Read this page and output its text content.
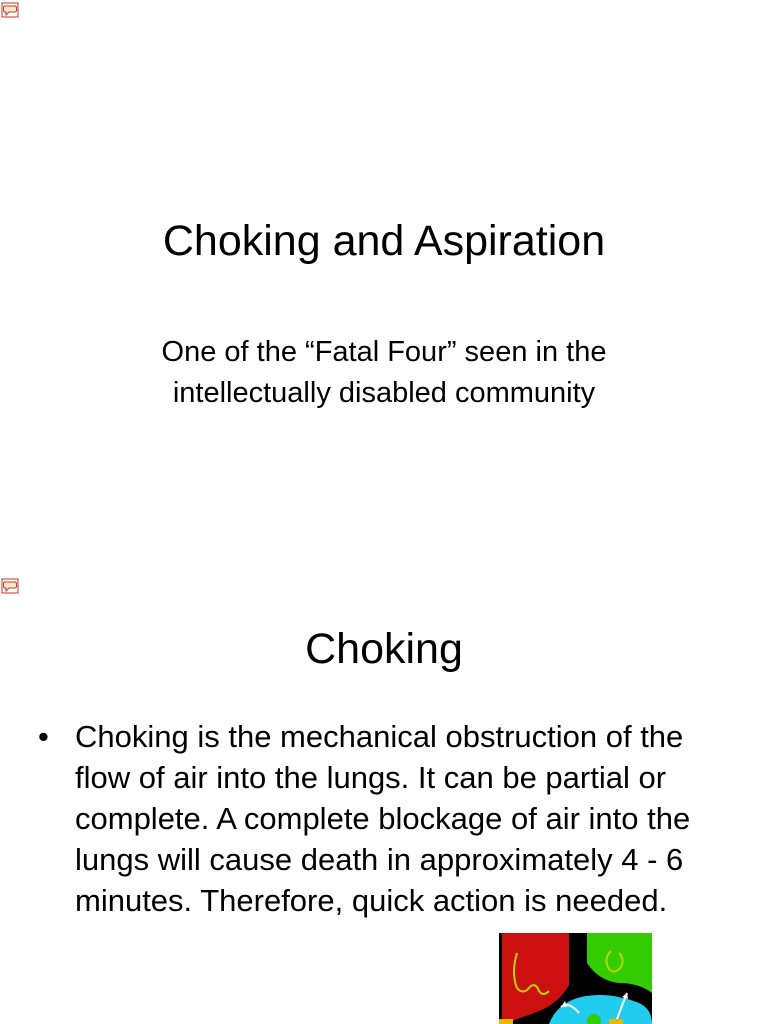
Choking and Aspiration

One of the “Fatal Four” seen in the intellectually disabled community

Choking
• Choking is the mechanical obstruction of the flow of air into the lungs. It can be partial or complete. A complete blockage of air into the lungs will cause death in approximately 4 - 6 minutes. Therefore, quick action is needed.
